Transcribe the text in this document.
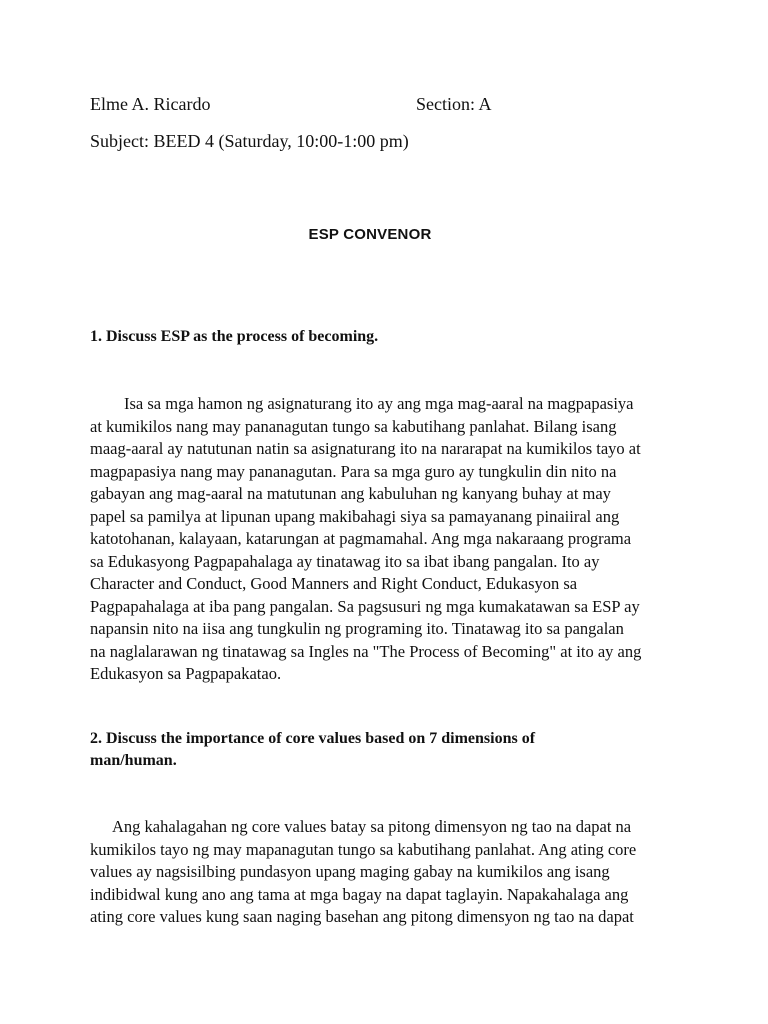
Elme A. Ricardo	Section: A
Subject: BEED 4 (Saturday, 10:00-1:00 pm)
ESP CONVENOR
1. Discuss ESP as the process of becoming.
Isa sa mga hamon ng asignaturang ito ay ang mga mag-aaral na magpapasiya
at kumikilos nang may pananagutan tungo sa kabutihang panlahat. Bilang isang
maag-aaral ay natutunan natin sa asignaturang ito na nararapat na kumikilos tayo at
magpapasiya nang may pananagutan. Para sa mga guro ay tungkulin din nito na
gabayan ang mag-aaral na matutunan ang kabuluhan ng kanyang buhay at may
papel sa pamilya at lipunan upang makibahagi siya sa pamayanang pinaiiral ang
katotohanan, kalayaan, katarungan at pagmamahal. Ang mga nakaraang programa
sa Edukasyong Pagpapahalaga ay tinatawag ito sa ibat ibang pangalan. Ito ay
Character and Conduct, Good Manners and Right Conduct, Edukasyon sa
Pagpapahalaga at iba pang pangalan. Sa pagsusuri ng mga kumakatawan sa ESP ay
napansin nito na iisa ang tungkulin ng programing ito. Tinatawag ito sa pangalan
na naglalarawan ng tinatawag sa Ingles na "The Process of Becoming" at ito ay ang
Edukasyon sa Pagpapakatao.
2. Discuss the importance of core values based on 7 dimensions of
man/human.
Ang kahalagahan ng core values batay sa pitong dimensyon ng tao na dapat na
kumikilos tayo ng may mapanagutan tungo sa kabutihang panlahat. Ang ating core
values ay nagsisilbing pundasyon upang maging gabay na kumikilos ang isang
indibidwal kung ano ang tama at mga bagay na dapat taglayin. Napakahalaga ang
ating core values kung saan naging basehan ang pitong dimensyon ng tao na dapat
